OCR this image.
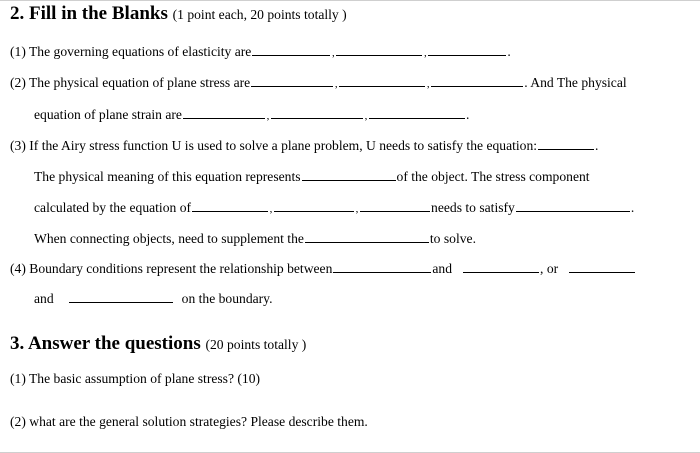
2. Fill in the Blanks (1 point each, 20 points totally )
(1) The governing equations of elasticity are	,	,	.
(2) The physical equation of plane stress are	,	,	. And The physical
equation of plane strain are	,	,	.
(3) If the Airy stress function U is used to solve a plane problem, U needs to satisfy the equation:	.
The physical meaning of this equation represents	of the object. The stress component
calculated by the equation of	,	,	needs to satisfy	.
When connecting objects, need to supplement the	to solve.
(4) Boundary conditions represent the relationship between	and	, or
and	on the boundary.
3. Answer the questions (20 points totally )
(1) The basic assumption of plane stress? (10)
(2) what are the general solution strategies? Please describe them.
